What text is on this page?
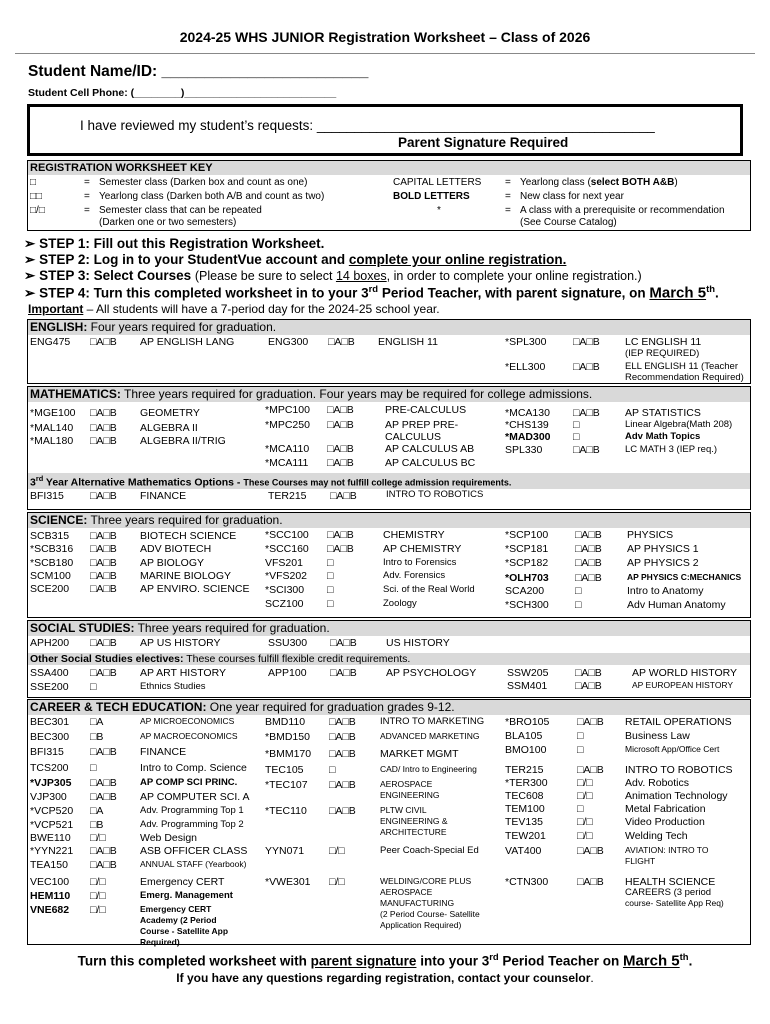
2024-25 WHS JUNIOR Registration Worksheet – Class of 2026
Student Name/ID: ________________________
Student Cell Phone: (________)__________________________
I have reviewed my student’s requests: _____________________________________________
Parent Signature Required
REGISTRATION WORKSHEET KEY
□	= Semester class (Darken box and count as one)
□□	= Yearlong class (Darken both A/B and count as two)
□/□	= Semester class that can be repeated
(Darken one or two semesters)
CAPITAL LETTERS = Yearlong class (select BOTH A&B)
BOLD LETTERS	= New class for next year
*	= A class with a prerequisite or recommendation
(See Course Catalog)
➢ STEP 1: Fill out this Registration Worksheet.
➢ STEP 2: Log in to your StudentVue account and complete your online registration.
➢ STEP 3: Select Courses (Please be sure to select 14 boxes, in order to complete your online registration.)
➢ STEP 4: Turn this completed worksheet in to your 3rd Period Teacher, with parent signature, on March 5th.
Important – All students will have a 7-period day for the 2024-25 school year.
ENGLISH: Four years required for graduation.
ENG475 □A□B AP ENGLISH LANG	ENG300 □A□B ENGLISH 11	*SPL300	□A□B LC ENGLISH 11
(IEP REQUIRED)
*ELL300	□A□B	ELL ENGLISH 11 (Teacher
Recommendation Required)
MATHEMATICS: Three years required for graduation. Four years may be required for college admissions.
*MGE100 □A□B GEOMETRY
*MAL140 □A□B ALGEBRA II
*MAL180 □A□B ALGEBRA II/TRIG
*MPC100 □A□B	PRE-CALCULUS
*MPC250 □A□B	AP PREP PRE-
CALCULUS
*MCA110 □A□B	AP CALCULUS AB
*MCA111 □A□B	AP CALCULUS BC
*MCA130 □A□B AP STATISTICS
*CHS139 □	Linear Algebra(Math 208)
*MAD300 □	Adv Math Topics
SPL330	□A□B	LC MATH 3 (IEP req.)
3rd Year Alternative Mathematics Options - These Courses may not fulfill college admission requirements.
BFI315 □A□B FINANCE	TER215 □A□B	INTRO TO ROBOTICS
SCIENCE: Three years required for graduation.
SCB315 □A□B BIOTECH SCIENCE
*SCB316 □A□B ADV BIOTECH
*SCB180 □A□B AP BIOLOGY
SCM100 □A□B MARINE BIOLOGY
SCE200 □A□B AP ENVIRO. SCIENCE
*SCC100 □A□B	CHEMISTRY
*SCC160 □A□B	AP CHEMISTRY
VFS201 □	Intro to Forensics
*VFS202 □	Adv. Forensics
*SCI300 □	Sci. of the Real World
SCZ100 □	Zoology
*SCP100	□A□B PHYSICS
*SCP181	□A□B AP PHYSICS 1
*SCP182	□A□B AP PHYSICS 2
*OLH703 □A□B	AP PHYSICS C:MECHANICS
SCA200	□	Intro to Anatomy
*SCH300 □	Adv Human Anatomy
SOCIAL STUDIES: Three years required for graduation.
APH200 □A□B AP US HISTORY	SSU300 □A□B	US HISTORY
Other Social Studies electives: These courses fulfill flexible credit requirements.
SSA400 □A□B AP ART HISTORY
SSE200 □	Ethnics Studies
APP100 □A□B	AP PSYCHOLOGY	SSW205	□A□B	AP WORLD HISTORY
SSM401	□A□B	AP EUROPEAN HISTORY
CAREER & TECH EDUCATION: One year required for graduation grades 9-12.
BEC301 □A	AP MICROECONOMICS
BEC300 □B	AP MACROECONOMICS
BFI315 □A□B FINANCE
TCS200 □	Intro to Comp. Science
*VJP305 □A□B AP COMP SCI PRINC.
VJP300 □A□B AP COMPUTER SCI. A
*VCP520 □A	Adv. Programming Top 1
*VCP521 □B	Adv. Programming Top 2
BWE110 □/□	Web Design
*YYN221 □A□B ASB OFFICER CLASS
TEA150 □A□B	ANNUAL STAFF (Yearbook)
VEC100 □/□	Emergency CERT
HEM110 □/□	Emerg. Management
VNE682 □/□	Emergency CERT
Academy (2 Period
Course - Satellite App
Required)
BMD110 □A□B	INTRO TO MARKETING
*BMD150 □A□B	ADVANCED MARKETING
*BMM170 □A□B MARKET MGMT
TEC105 □	CAD/ Intro to Engineering
*TEC107 □A□B	AEROSPACE
ENGINEERING
*TEC110 □A□B	PLTW CIVIL
ENGINEERING &
ARCHITECTURE
YYN071 □/□	Peer Coach-Special Ed
*VWE301 □/□	WELDING/CORE PLUS
AEROSPACE
MANUFACTURING
(2 Period Course- Satellite
Application Required)
*BRO105	□A□B RETAIL OPERATIONS
BLA105	□	Business Law
BMO100	□	Microsoft App/Office Cert
TER215	□A□B INTRO TO ROBOTICS
*TER300	□/□	Adv. Robotics
TEC608	□/□	Animation Technology
TEM100	□	Metal Fabrication
TEV135	□/□	Video Production
TEW201	□/□	Welding Tech
VAT400	□A□B	AVIATION: INTRO TO
FLIGHT
*CTN300	□A□B HEALTH SCIENCE
CAREERS (3 period
course- Satellite App Req)
Turn this completed worksheet with parent signature into your 3rd Period Teacher on March 5th.
If you have any questions regarding registration, contact your counselor.
